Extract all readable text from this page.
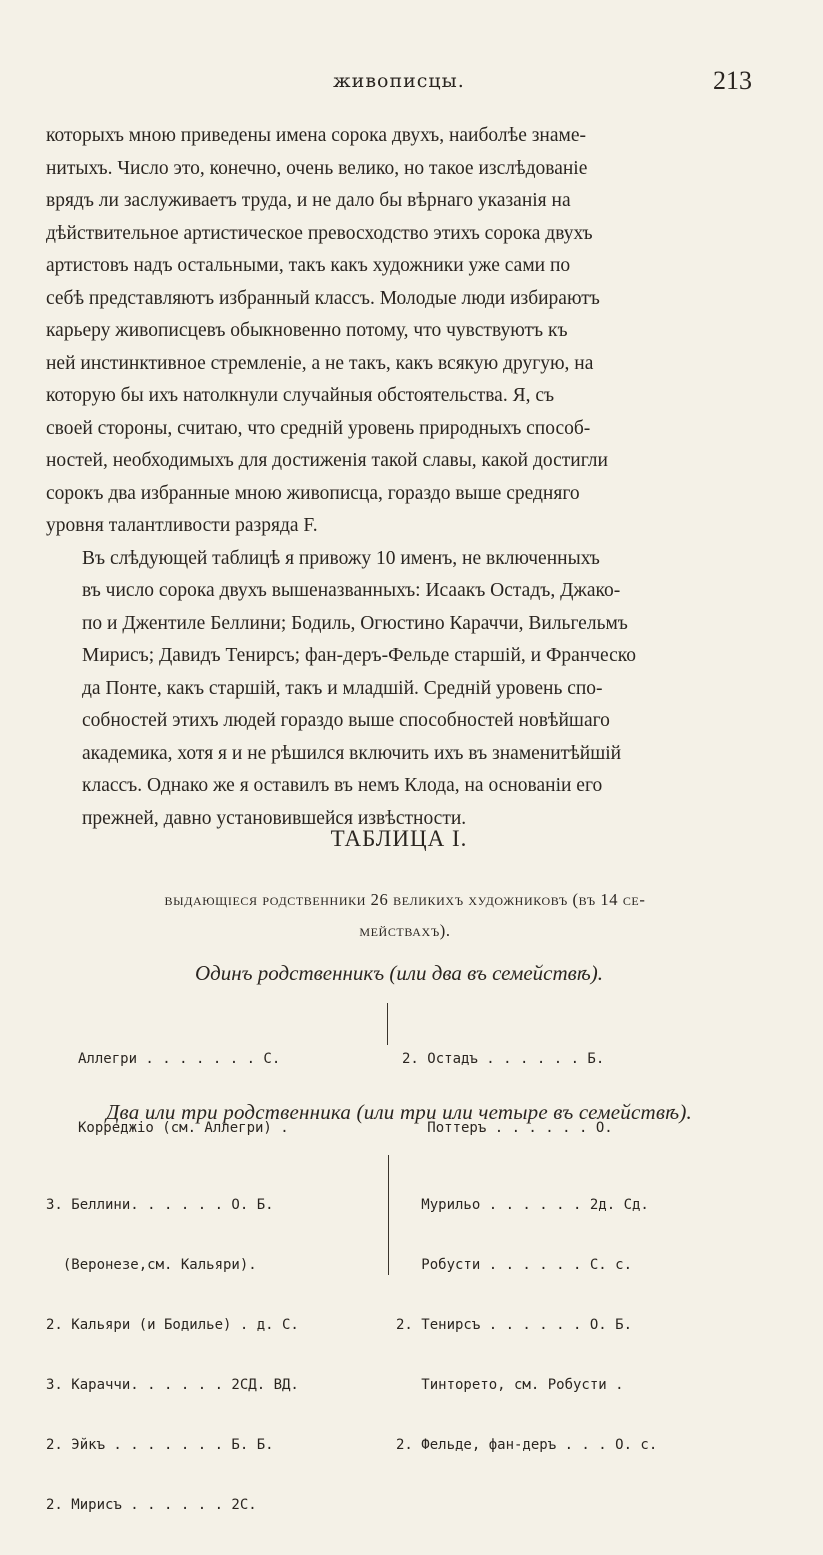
живописцы.	213

которыхъ мною приведены имена сорока двухъ, наиболѣе знаме-
нитыхъ. Число это, конечно, очень велико, но такое изслѣдованіе
врядъ ли заслуживаетъ труда, и не дало бы вѣрнаго указанія на
дѣйствительное артистическое превосходство этихъ сорока двухъ
артистовъ надъ остальными, такъ какъ художники уже сами по
себѣ представляютъ избранный классъ. Молодые люди избираютъ
карьеру живописцевъ обыкновенно потому, что чувствуютъ къ
ней инстинктивное стремленіе, а не такъ, какъ всякую другую, на
которую бы ихъ натолкнули случайныя обстоятельства. Я, съ
своей стороны, считаю, что средній уровень природныхъ способ-
ностей, необходимыхъ для достиженія такой славы, какой достигли
сорокъ два избранные мною живописца, гораздо выше средняго
уровня талантливости разряда F.

Въ слѣдующей таблицѣ я привожу 10 именъ, не включенныхъ
въ число сорока двухъ вышеназванныхъ: Исаакъ Остадъ, Джако-
по и Джентиле Беллини; Бодиль, Огюстино Караччи, Вильгельмъ
Мирисъ; Давидъ Тенирсъ; фан-деръ-Фельде старшій, и Франческо
да Понте, какъ старшій, такъ и младшій. Средній уровень спо-
собностей этихъ людей гораздо выше способностей новѣйшаго
академика, хотя я и не рѣшился включить ихъ въ знаменитѣйшій
классъ. Однако же я оставилъ въ немъ Клода, на основаніи его
прежней, давно установившейся извѣстности.

ТАБЛИЦА I.
выдающіеся родственники 26 великихъ художниковъ (въ 14 се-
мействахъ).
Одинъ родственникъ (или два въ семействѣ).

Аллегри . . . . . . . С.

Корреджіо (см. Аллегри) .

2. Остадъ . . . . . . Б.

Поттеръ . . . . . . О.

Два или три родственника (или три или четыре въ семействѣ).

3. Беллини. . . . . . О. Б.

(Веронезе,см. Кальяри).

2. Кальяри (и Бодилье) . д. С.

3. Караччи. . . . . . 2СД. ВД.

2. Эйкъ . . . . . . . Б. Б.

2. Мирисъ . . . . . . 2С.

Мурильо . . . . . . 2д. Сд.

Робусти . . . . . . С. с.

2. Тенирсъ . . . . . . О. Б.

Тинторето, см. Робусти .

2. Фельде, фан-деръ . . . О. с.
